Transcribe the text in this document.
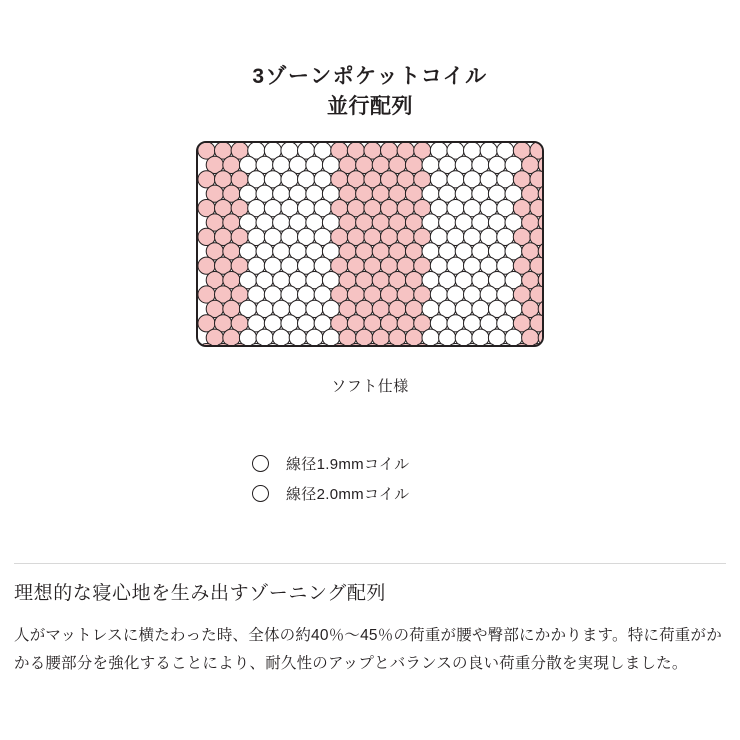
3ゾーンポケットコイル
並行配列
ソフト仕様
線径1.9mmコイル
線径2.0mmコイル
理想的な寝心地を生み出すゾーニング配列
人がマットレスに横たわった時、全体の約40％〜45％の荷重が腰や臀部にかかります。特に荷重がかかる腰部分を強化することにより、耐久性のアップとバランスの良い荷重分散を実現しました。
